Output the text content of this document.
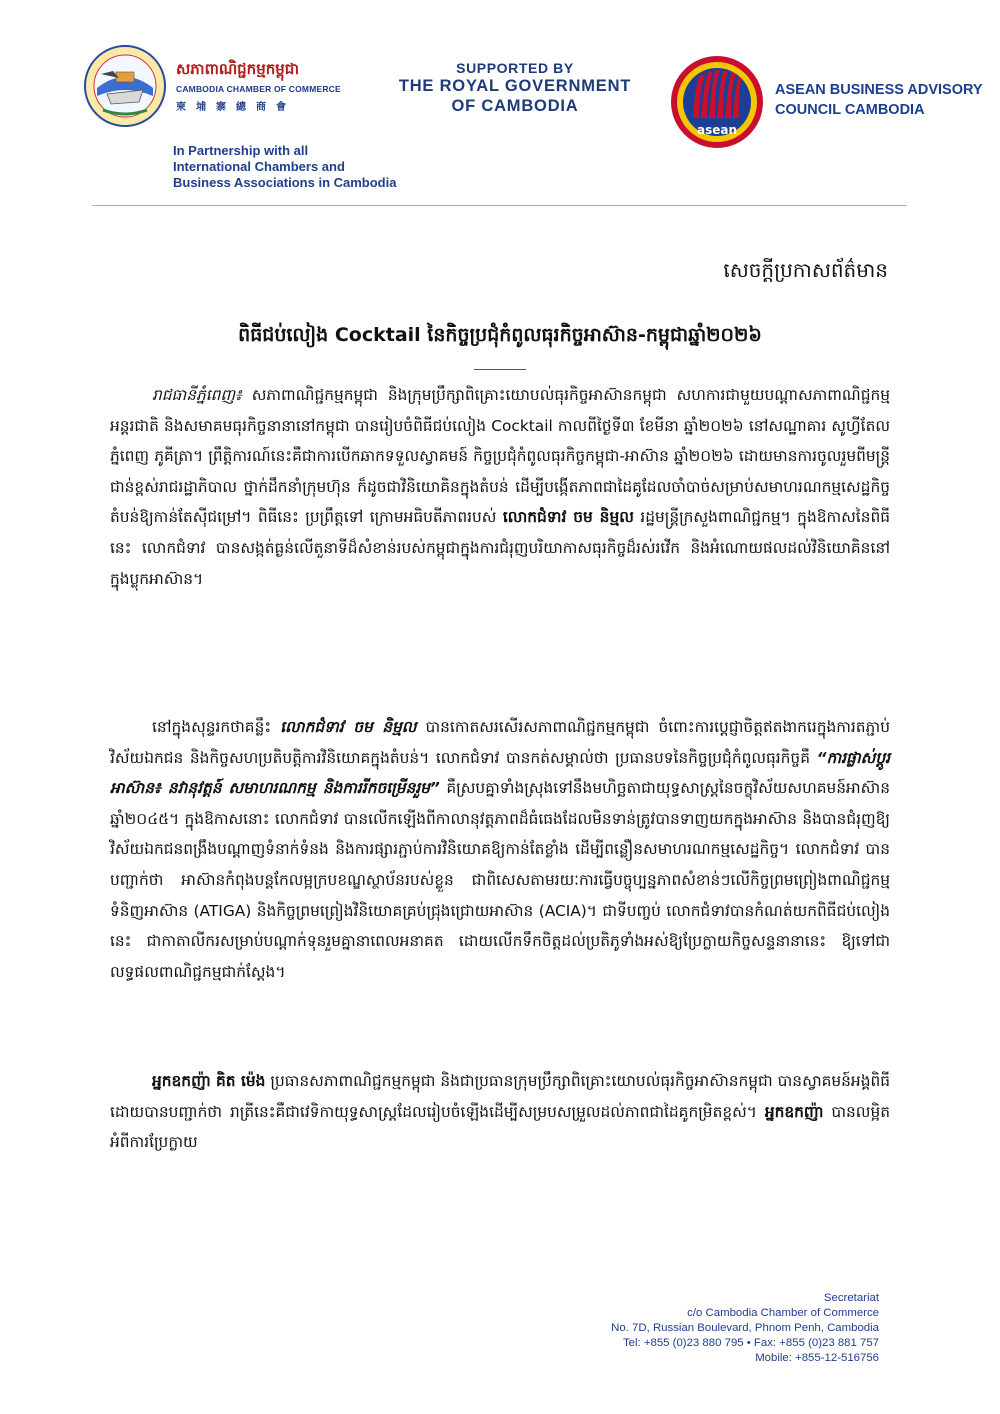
សភាពាណិជ្ជកម្មកម្ពុជា
CAMBODIA CHAMBER OF COMMERCE
柬埔寨總商會
In Partnership with all
International Chambers and
Business Associations in Cambodia
SUPPORTED BY
THE ROYAL GOVERNMENT
OF CAMBODIA
asean
ASEAN BUSINESS ADVISORY
COUNCIL CAMBODIA
សេចក្តីប្រកាសព័ត៌មាន
ពិធីជប់លៀង Cocktail នៃកិច្ចប្រជុំកំពូលធុរកិច្ចអាស៊ាន-កម្ពុជាឆ្នាំ២០២៦

រាជធានីភ្នំពេញ៖ សភាពាណិជ្ជកម្មកម្ពុជា និងក្រុមប្រឹក្សាពិគ្រោះយោបល់ធុរកិច្ចអាស៊ានកម្ពុជា សហការជាមួយបណ្តាសភាពាណិជ្ជកម្មអន្តរជាតិ និងសមាគមធុរកិច្ចនានានៅកម្ពុជា បានរៀបចំពិធីជប់លៀង Cocktail កាលពីថ្ងៃទី៣ ខែមីនា ឆ្នាំ២០២៦ នៅសណ្ឋាគារ សូហ្វីតែល ភ្នំពេញ ភូគីត្រា។ ព្រឹត្តិការណ៍នេះគឺជាការបើកឆាកទទួលស្វាគមន៍ កិច្ចប្រជុំកំពូលធុរកិច្ចកម្ពុជា-អាស៊ាន ឆ្នាំ២០២៦ ដោយមានការចូលរួមពីមន្ត្រីជាន់ខ្ពស់រាជរដ្ឋាភិបាល ថ្នាក់ដឹកនាំក្រុមហ៊ុន ក៏ដូចជាវិនិយោគិនក្នុងតំបន់ ដើម្បីបង្កើតភាពជាដៃគូដែលចាំបាច់សម្រាប់សមាហរណកម្មសេដ្ឋកិច្ចតំបន់ឱ្យកាន់តែស៊ីជម្រៅ។ ពិធីនេះ ប្រព្រឹត្តទៅ ក្រោមអធិបតីភាពរបស់ លោកជំទាវ ចម និម្មល រដ្ឋមន្ត្រីក្រសួងពាណិជ្ជកម្ម។ ក្នុងឱកាសនៃពិធីនេះ លោកជំទាវ បានសង្កត់ធ្ងន់លើតួនាទីដ៏សំខាន់របស់កម្ពុជាក្នុងការជំរុញបរិយាកាសធុរកិច្ចដ៏រស់រវើក និងអំណោយផលដល់វិនិយោគិននៅក្នុងប្លុកអាស៊ាន។

នៅក្នុងសុន្ទរកថាគន្លឹះ លោកជំទាវ ចម និម្មល បានកោតសរសើរសភាពាណិជ្ជកម្មកម្ពុជា ចំពោះការប្តេជ្ញាចិត្តឥតងាករេក្នុងការតភ្ជាប់វិស័យឯកជន និងកិច្ចសហប្រតិបត្តិការវិនិយោគក្នុងតំបន់។ លោកជំទាវ បានកត់សម្គាល់ថា ប្រធានបទនៃកិច្ចប្រជុំកំពូលធុរកិច្ចគឺ “ការផ្លាស់ប្តូរអាស៊ាន៖ នវានុវត្តន៍ សមាហរណកម្ម និងការរីកចម្រើនរួម” គឺស្របគ្នាទាំងស្រុងទៅនឹងមហិច្ឆតាជាយុទ្ធសាស្ត្រនៃចក្ខុវិស័យសហគមន៍អាស៊ានឆ្នាំ២០៤៥។ ក្នុងឱកាសនោះ លោកជំទាវ បានលើកឡើងពីកាលានុវត្តភាពដ៏ធំធេងដែលមិនទាន់ត្រូវបានទាញយកក្នុងអាស៊ាន និងបានជំរុញឱ្យវិស័យឯកជនពង្រឹងបណ្តាញទំនាក់ទំនង និងការផ្សារភ្ជាប់ការវិនិយោគឱ្យកាន់តែខ្លាំង ដើម្បីពន្លឿនសមាហរណកម្មសេដ្ឋកិច្ច។ លោកជំទាវ បានបញ្ជាក់ថា អាស៊ានកំពុងបន្តកែលម្អក្របខណ្ឌស្ថាប័នរបស់ខ្លួន ជាពិសេសតាមរយៈការធ្វើបច្ចុប្បន្នភាពសំខាន់ៗលើកិច្ចព្រមព្រៀងពាណិជ្ជកម្មទំនិញអាស៊ាន (ATIGA) និងកិច្ចព្រមព្រៀងវិនិយោគគ្រប់ជ្រុងជ្រោយអាស៊ាន (ACIA)។ ជាទីបញ្ចប់ លោកជំទាវបានកំណត់យកពិធីជប់លៀងនេះ ជាកាតាលីករសម្រាប់បណ្តាក់ទុនរួមគ្នានាពេលអនាគត ដោយលើកទឹកចិត្តដល់ប្រតិភូទាំងអស់ឱ្យប្រែក្លាយកិច្ចសន្ទនានានេះ ឱ្យទៅជាលទ្ធផលពាណិជ្ជកម្មជាក់ស្តែង។

អ្នកឧកញ៉ា គិត ម៉េង ប្រធានសភាពាណិជ្ជកម្មកម្ពុជា និងជាប្រធានក្រុមប្រឹក្សាពិគ្រោះយោបល់ធុរកិច្ចអាស៊ានកម្ពុជា បានស្វាគមន៍អង្គពិធីដោយបានបញ្ជាក់ថា រាត្រីនេះគឺជាវេទិកាយុទ្ធសាស្ត្រដែលរៀបចំឡើងដើម្បីសម្របសម្រួលដល់ភាពជាដៃគូកម្រិតខ្ពស់។ អ្នកឧកញ៉ា បានលម្អិតអំពីការប្រែក្លាយ

Secretariat
c/o Cambodia Chamber of Commerce
No. 7D, Russian Boulevard, Phnom Penh, Cambodia
Tel: +855 (0)23 880 795 • Fax: +855 (0)23 881 757
Mobile: +855-12-516756
